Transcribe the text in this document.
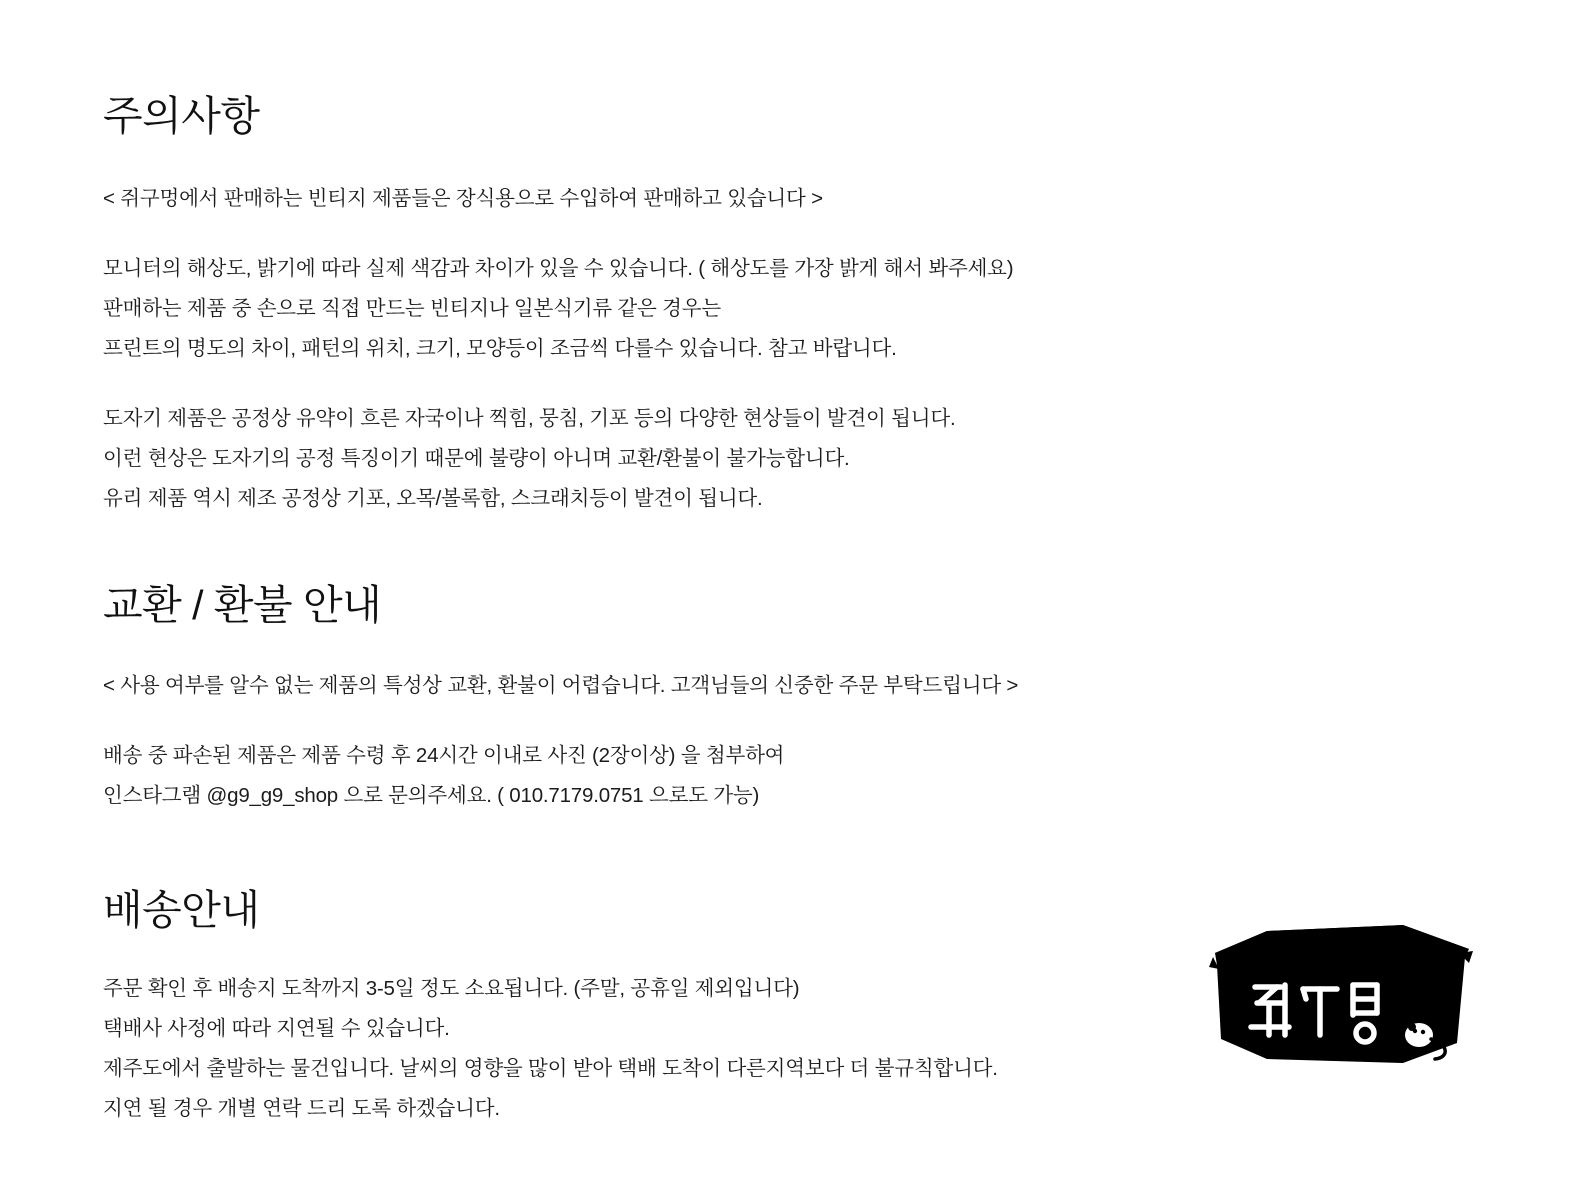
주의사항

< 쥐구멍에서 판매하는 빈티지 제품들은 장식용으로 수입하여 판매하고 있습니다 >

모니터의 해상도, 밝기에 따라 실제 색감과 차이가 있을 수 있습니다. ( 해상도를 가장 밝게 해서 봐주세요)

판매하는 제품 중 손으로 직접 만드는 빈티지나 일본식기류 같은 경우는

프린트의 명도의 차이, 패턴의 위치, 크기, 모양등이 조금씩 다를수 있습니다. 참고 바랍니다.

도자기 제품은 공정상 유약이 흐른 자국이나 찍힘, 뭉침, 기포 등의 다양한 현상들이 발견이 됩니다.

이런 현상은 도자기의 공정 특징이기 때문에 불량이 아니며 교환/환불이 불가능합니다.

유리 제품 역시 제조 공정상 기포, 오목/볼록함, 스크래치등이 발견이 됩니다.

교환 / 환불 안내

< 사용 여부를 알수 없는 제품의 특성상 교환, 환불이 어렵습니다. 고객님들의 신중한 주문 부탁드립니다 >

배송 중 파손된 제품은 제품 수령 후 24시간 이내로 사진 (2장이상) 을 첨부하여

인스타그램 @g9_g9_shop 으로 문의주세요. ( 010.7179.0751 으로도 가능)

배송안내

주문 확인 후 배송지 도착까지 3-5일 정도 소요됩니다. (주말, 공휴일 제외입니다)

택배사 사정에 따라 지연될 수 있습니다.

제주도에서 출발하는 물건입니다. 날씨의 영향을 많이 받아 택배 도착이 다른지역보다 더 불규칙합니다.

지연 될 경우 개별 연락 드리 도록 하겠습니다.
